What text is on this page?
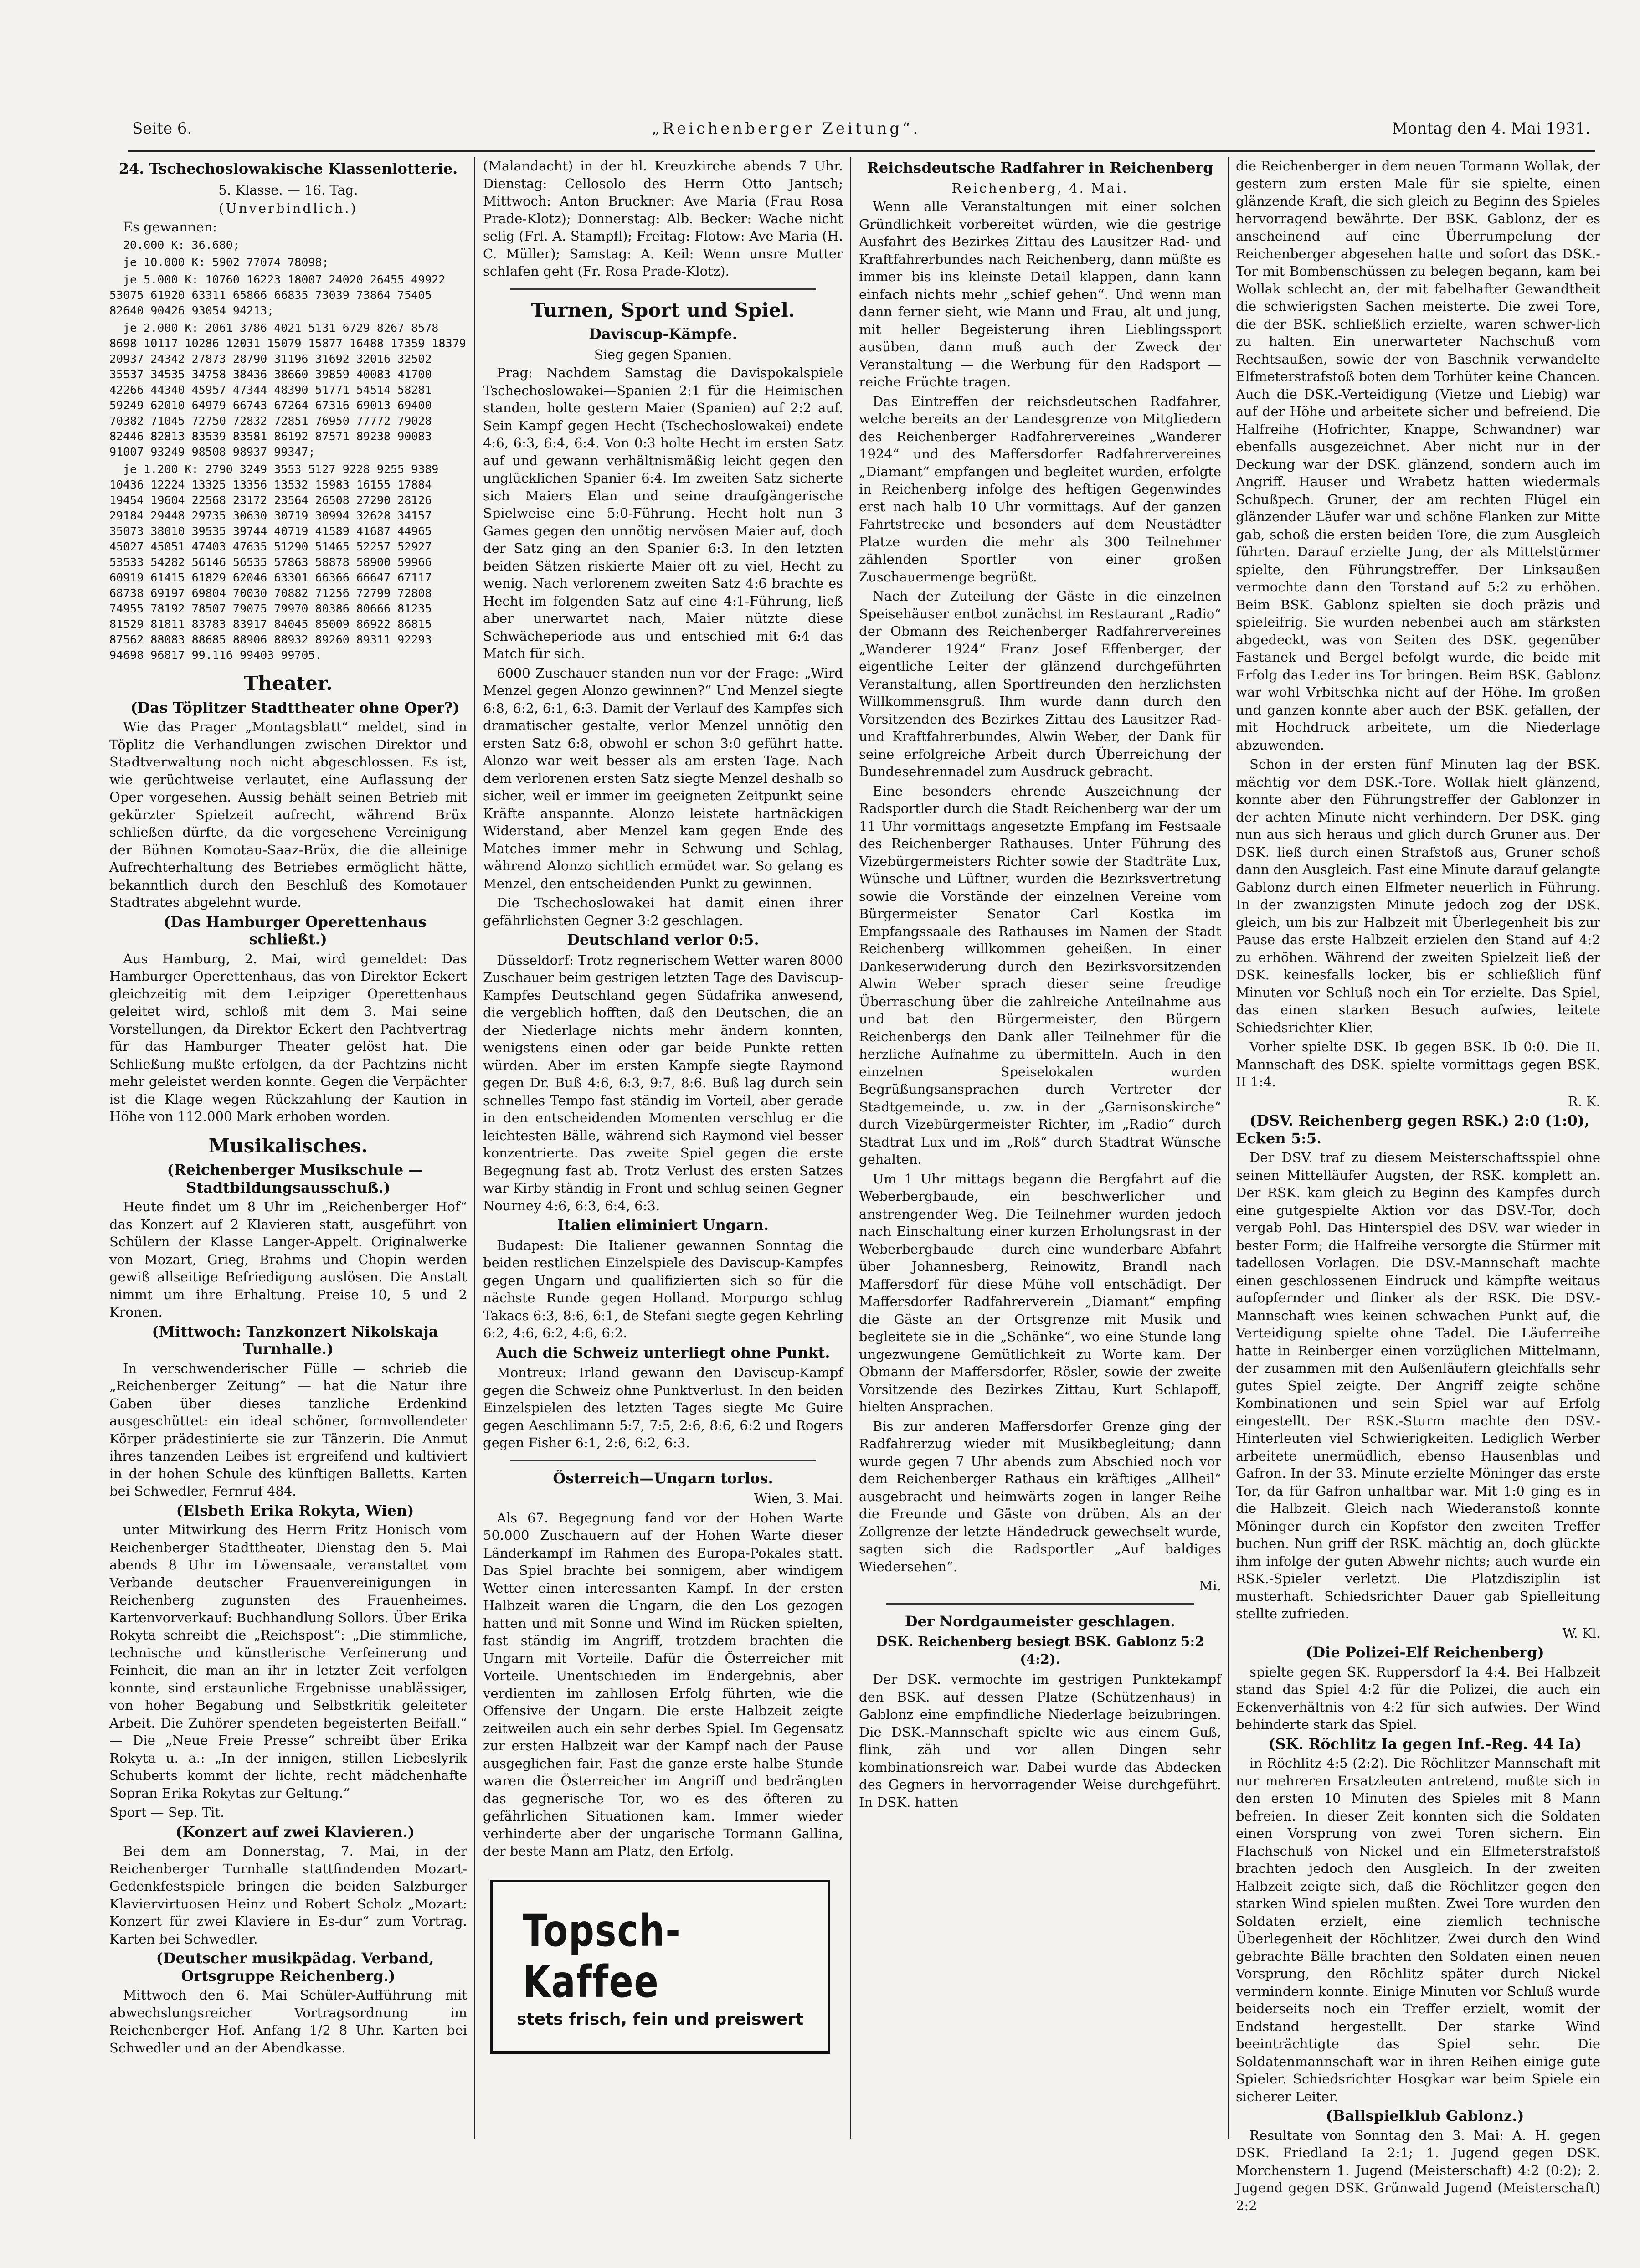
Seite 6.	„Reichenberger Zeitung“.	Montag den 4. Mai 1931.
24. Tschechoslowakische Klassenlotterie.
5. Klasse. — 16. Tag.
(Unverbindlich.)

Es gewannen:

20.000 K: 36.680;

je 10.000 K: 5902 77074 78098;

je 5.000 K: 10760 16223 18007 24020 26455 49922 53075 61920 63311 65866 66835 73039 73864 75405 82640 90426 93054 94213;

je 2.000 K: 2061 3786 4021 5131 6729 8267 8578 8698 10117 10286 12031 15079 15877 16488 17359 18379 20937 24342 27873 28790 31196 31692 32016 32502 35537 34535 34758 38436 38660 39859 40083 41700 42266 44340 45957 47344 48390 51771 54514 58281 59249 62010 64979 66743 67264 67316 69013 69400 70382 71045 72750 72832 72851 76950 77772 79028 82446 82813 83539 83581 86192 87571 89238 90083 91007 93249 98508 98937 99347;

je 1.200 K: 2790 3249 3553 5127 9228 9255 9389 10436 12224 13325 13356 13532 15983 16155 17884 19454 19604 22568 23172 23564 26508 27290 28126 29184 29448 29735 30630 30719 30994 32628 34157 35073 38010 39535 39744 40719 41589 41687 44965 45027 45051 47403 47635 51290 51465 52257 52927 53533 54282 56146 56535 57863 58878 58900 59966 60919 61415 61829 62046 63301 66366 66647 67117 68738 69197 69804 70030 70882 71256 72799 72808 74955 78192 78507 79075 79970 80386 80666 81235 81529 81811 83783 83917 84045 85009 86922 86815 87562 88083 88685 88906 88932 89260 89311 92293 94698 96817 99.116 99403 99705.

Theater.

(Das Töplitzer Stadttheater ohne Oper?)

Wie das Prager „Montagsblatt“ meldet, sind in Töplitz die Verhandlungen zwischen Direktor und Stadtverwaltung noch nicht abgeschlossen. Es ist, wie gerüchtweise verlautet, eine Auflassung der Oper vorgesehen. Aussig behält seinen Betrieb mit gekürzter Spielzeit aufrecht, während Brüx schließen dürfte, da die vorgesehene Vereinigung der Bühnen Komotau-Saaz-Brüx, die die alleinige Aufrechterhaltung des Betriebes ermöglicht hätte, bekanntlich durch den Beschluß des Komotauer Stadtrates abgelehnt wurde.

(Das Hamburger Operettenhaus schließt.)

Aus Hamburg, 2. Mai, wird gemeldet: Das Hamburger Operettenhaus, das von Direktor Eckert gleichzeitig mit dem Leipziger Operettenhaus geleitet wird, schloß mit dem 3. Mai seine Vorstellungen, da Direktor Eckert den Pachtvertrag für das Hamburger Theater gelöst hat. Die Schließung mußte erfolgen, da der Pachtzins nicht mehr geleistet werden konnte. Gegen die Verpächter ist die Klage wegen Rückzahlung der Kaution in Höhe von 112.000 Mark erhoben worden.

Musikalisches.

(Reichenberger Musikschule — Stadtbildungsausschuß.)

Heute findet um 8 Uhr im „Reichenberger Hof“ das Konzert auf 2 Klavieren statt, ausgeführt von Schülern der Klasse Langer-Appelt. Originalwerke von Mozart, Grieg, Brahms und Chopin werden gewiß allseitige Befriedigung auslösen. Die Anstalt nimmt um ihre Erhaltung. Preise 10, 5 und 2 Kronen.

(Mittwoch: Tanzkonzert Nikolskaja Turnhalle.)

In verschwenderischer Fülle — schrieb die „Reichenberger Zeitung“ — hat die Natur ihre Gaben über dieses tanzliche Erdenkind ausgeschüttet: ein ideal schöner, formvollendeter Körper prädestinierte sie zur Tänzerin. Die Anmut ihres tanzenden Leibes ist ergreifend und kultiviert in der hohen Schule des künftigen Balletts. Karten bei Schwedler, Fernruf 484.

(Elsbeth Erika Rokyta, Wien)

unter Mitwirkung des Herrn Fritz Honisch vom Reichenberger Stadttheater, Dienstag den 5. Mai abends 8 Uhr im Löwensaale, veranstaltet vom Verbande deutscher Frauenvereinigungen in Reichenberg zugunsten des Frauenheimes. Kartenvorverkauf: Buchhandlung Sollors. Über Erika Rokyta schreibt die „Reichspost“: „Die stimmliche, technische und künstlerische Verfeinerung und Feinheit, die man an ihr in letzter Zeit verfolgen konnte, sind erstaunliche Ergebnisse unablässiger, von hoher Begabung und Selbstkritik geleiteter Arbeit. Die Zuhörer spendeten begeisterten Beifall.“ — Die „Neue Freie Presse“ schreibt über Erika Rokyta u. a.: „In der innigen, stillen Liebeslyrik Schuberts kommt der lichte, recht mädchenhafte Sopran Erika Rokytas zur Geltung.“

Sport — Sep. Tit.

(Konzert auf zwei Klavieren.)

Bei dem am Donnerstag, 7. Mai, in der Reichenberger Turnhalle stattfindenden Mozart-Gedenkfestspiele bringen die beiden Salzburger Klaviervirtuosen Heinz und Robert Scholz „Mozart: Konzert für zwei Klaviere in Es-dur“ zum Vortrag. Karten bei Schwedler.

(Deutscher musikpädag. Verband, Ortsgruppe Reichenberg.)

Mittwoch den 6. Mai Schüler-Aufführung mit abwechslungsreicher Vortragsordnung im Reichenberger Hof. Anfang 1/2 8 Uhr. Karten bei Schwedler und an der Abendkasse.

(Malandacht) in der hl. Kreuzkirche abends 7 Uhr. Dienstag: Cellosolo des Herrn Otto Jantsch; Mittwoch: Anton Bruckner: Ave Maria (Frau Rosa Prade-Klotz); Donnerstag: Alb. Becker: Wache nicht selig (Frl. A. Stampfl); Freitag: Flotow: Ave Maria (H. C. Müller); Samstag: A. Keil: Wenn unsre Mutter schlafen geht (Fr. Rosa Prade-Klotz).

Turnen, Sport und Spiel.
Daviscup-Kämpfe.
Sieg gegen Spanien.

Prag: Nachdem Samstag die Davispokalspiele Tschechoslowakei—Spanien 2:1 für die Heimischen standen, holte gestern Maier (Spanien) auf 2:2 auf. Sein Kampf gegen Hecht (Tschechoslowakei) endete 4:6, 6:3, 6:4, 6:4. Von 0:3 holte Hecht im ersten Satz auf und gewann verhältnismäßig leicht gegen den unglücklichen Spanier 6:4. Im zweiten Satz sicherte sich Maiers Elan und seine draufgängerische Spielweise eine 5:0-Führung. Hecht holt nun 3 Games gegen den unnötig nervösen Maier auf, doch der Satz ging an den Spanier 6:3. In den letzten beiden Sätzen riskierte Maier oft zu viel, Hecht zu wenig. Nach verlorenem zweiten Satz 4:6 brachte es Hecht im folgenden Satz auf eine 4:1-Führung, ließ aber unerwartet nach, Maier nützte diese Schwächeperiode aus und entschied mit 6:4 das Match für sich.

6000 Zuschauer standen nun vor der Frage: „Wird Menzel gegen Alonzo gewinnen?“ Und Menzel siegte 6:8, 6:2, 6:1, 6:3. Damit der Verlauf des Kampfes sich dramatischer gestalte, verlor Menzel unnötig den ersten Satz 6:8, obwohl er schon 3:0 geführt hatte. Alonzo war weit besser als am ersten Tage. Nach dem verlorenen ersten Satz siegte Menzel deshalb so sicher, weil er immer im geeigneten Zeitpunkt seine Kräfte anspannte. Alonzo leistete hartnäckigen Widerstand, aber Menzel kam gegen Ende des Matches immer mehr in Schwung und Schlag, während Alonzo sichtlich ermüdet war. So gelang es Menzel, den entscheidenden Punkt zu gewinnen.

Die Tschechoslowakei hat damit einen ihrer gefährlichsten Gegner 3:2 geschlagen.

Deutschland verlor 0:5.

Düsseldorf: Trotz regnerischem Wetter waren 8000 Zuschauer beim gestrigen letzten Tage des Daviscup-Kampfes Deutschland gegen Südafrika anwesend, die vergeblich hofften, daß den Deutschen, die an der Niederlage nichts mehr ändern konnten, wenigstens einen oder gar beide Punkte retten würden. Aber im ersten Kampfe siegte Raymond gegen Dr. Buß 4:6, 6:3, 9:7, 8:6. Buß lag durch sein schnelles Tempo fast ständig im Vorteil, aber gerade in den entscheidenden Momenten verschlug er die leichtesten Bälle, während sich Raymond viel besser konzentrierte. Das zweite Spiel gegen die erste Begegnung fast ab. Trotz Verlust des ersten Satzes war Kirby ständig in Front und schlug seinen Gegner Nourney 4:6, 6:3, 6:4, 6:3.

Italien eliminiert Ungarn.

Budapest: Die Italiener gewannen Sonntag die beiden restlichen Einzelspiele des Daviscup-Kampfes gegen Ungarn und qualifizierten sich so für die nächste Runde gegen Holland. Morpurgo schlug Takacs 6:3, 8:6, 6:1, de Stefani siegte gegen Kehrling 6:2, 4:6, 6:2, 4:6, 6:2.

Auch die Schweiz unterliegt ohne Punkt.

Montreux: Irland gewann den Daviscup-Kampf gegen die Schweiz ohne Punktverlust. In den beiden Einzelspielen des letzten Tages siegte Mc Guire gegen Aeschlimann 5:7, 7:5, 2:6, 8:6, 6:2 und Rogers gegen Fisher 6:1, 2:6, 6:2, 6:3.

Österreich—Ungarn torlos.

Wien, 3. Mai.

Als 67. Begegnung fand vor der Hohen Warte 50.000 Zuschauern auf der Hohen Warte dieser Länderkampf im Rahmen des Europa-Pokales statt. Das Spiel brachte bei sonnigem, aber windigem Wetter einen interessanten Kampf. In der ersten Halbzeit waren die Ungarn, die den Los gezogen hatten und mit Sonne und Wind im Rücken spielten, fast ständig im Angriff, trotzdem brachten die Ungarn mit Vorteile. Dafür die Österreicher mit Vorteile. Unentschieden im Endergebnis, aber verdienten im zahllosen Erfolg führten, wie die Offensive der Ungarn. Die erste Halbzeit zeigte zeitweilen auch ein sehr derbes Spiel. Im Gegensatz zur ersten Halbzeit war der Kampf nach der Pause ausgeglichen fair. Fast die ganze erste halbe Stunde waren die Österreicher im Angriff und bedrängten das gegnerische Tor, wo es des öfteren zu gefährlichen Situationen kam. Immer wieder verhinderte aber der ungarische Tormann Gallina, der beste Mann am Platz, den Erfolg.

Topsch-Kaffee
stets frisch, fein und preiswert
Reichsdeutsche Radfahrer in Reichenberg
Reichenberg, 4. Mai.

Wenn alle Veranstaltungen mit einer solchen Gründlichkeit vorbereitet würden, wie die gestrige Ausfahrt des Bezirkes Zittau des Lausitzer Rad- und Kraftfahrerbundes nach Reichenberg, dann müßte es immer bis ins kleinste Detail klappen, dann kann einfach nichts mehr „schief gehen“. Und wenn man dann ferner sieht, wie Mann und Frau, alt und jung, mit heller Begeisterung ihren Lieblingssport ausüben, dann muß auch der Zweck der Veranstaltung — die Werbung für den Radsport — reiche Früchte tragen.

Das Eintreffen der reichsdeutschen Radfahrer, welche bereits an der Landesgrenze von Mitgliedern des Reichenberger Radfahrervereines „Wanderer 1924“ und des Maffersdorfer Radfahrervereines „Diamant“ empfangen und begleitet wurden, erfolgte in Reichenberg infolge des heftigen Gegenwindes erst nach halb 10 Uhr vormittags. Auf der ganzen Fahrtstrecke und besonders auf dem Neustädter Platze wurden die mehr als 300 Teilnehmer zählenden Sportler von einer großen Zuschauermenge begrüßt.

Nach der Zuteilung der Gäste in die einzelnen Speisehäuser entbot zunächst im Restaurant „Radio“ der Obmann des Reichenberger Radfahrervereines „Wanderer 1924“ Franz Josef Effenberger, der eigentliche Leiter der glänzend durchgeführten Veranstaltung, allen Sportfreunden den herzlichsten Willkommensgruß. Ihm wurde dann durch den Vorsitzenden des Bezirkes Zittau des Lausitzer Rad- und Kraftfahrerbundes, Alwin Weber, der Dank für seine erfolgreiche Arbeit durch Überreichung der Bundesehrennadel zum Ausdruck gebracht.

Eine besonders ehrende Auszeichnung der Radsportler durch die Stadt Reichenberg war der um 11 Uhr vormittags angesetzte Empfang im Festsaale des Reichenberger Rathauses. Unter Führung des Vizebürgermeisters Richter sowie der Stadträte Lux, Wünsche und Lüftner, wurden die Bezirksvertretung sowie die Vorstände der einzelnen Vereine vom Bürgermeister Senator Carl Kostka im Empfangssaale des Rathauses im Namen der Stadt Reichenberg willkommen geheißen. In einer Dankeserwiderung durch den Bezirksvorsitzenden Alwin Weber sprach dieser seine freudige Überraschung über die zahlreiche Anteilnahme aus und bat den Bürgermeister, den Bürgern Reichenbergs den Dank aller Teilnehmer für die herzliche Aufnahme zu übermitteln. Auch in den einzelnen Speiselokalen wurden Begrüßungsansprachen durch Vertreter der Stadtgemeinde, u. zw. in der „Garnisonskirche“ durch Vizebürgermeister Richter, im „Radio“ durch Stadtrat Lux und im „Roß“ durch Stadtrat Wünsche gehalten.

Um 1 Uhr mittags begann die Bergfahrt auf die Weberbergbaude, ein beschwerlicher und anstrengender Weg. Die Teilnehmer wurden jedoch nach Einschaltung einer kurzen Erholungsrast in der Weberbergbaude — durch eine wunderbare Abfahrt über Johannesberg, Reinowitz, Brandl nach Maffersdorf für diese Mühe voll entschädigt. Der Maffersdorfer Radfahrerverein „Diamant“ empfing die Gäste an der Ortsgrenze mit Musik und begleitete sie in die „Schänke“, wo eine Stunde lang ungezwungene Gemütlichkeit zu Worte kam. Der Obmann der Maffersdorfer, Rösler, sowie der zweite Vorsitzende des Bezirkes Zittau, Kurt Schlapoff, hielten Ansprachen.

Bis zur anderen Maffersdorfer Grenze ging der Radfahrerzug wieder mit Musikbegleitung; dann wurde gegen 7 Uhr abends zum Abschied noch vor dem Reichenberger Rathaus ein kräftiges „Allheil“ ausgebracht und heimwärts zogen in langer Reihe die Freunde und Gäste von drüben. Als an der Zollgrenze der letzte Händedruck gewechselt wurde, sagten sich die Radsportler „Auf baldiges Wiedersehen“.

Mi.

Der Nordgaumeister geschlagen.
DSK. Reichenberg besiegt BSK. Gablonz 5:2 (4:2).

Der DSK. vermochte im gestrigen Punktekampf den BSK. auf dessen Platze (Schützenhaus) in Gablonz eine empfindliche Niederlage beizubringen. Die DSK.-Mannschaft spielte wie aus einem Guß, flink, zäh und vor allen Dingen sehr kombinationsreich war. Dabei wurde das Abdecken des Gegners in hervorragender Weise durchgeführt. In DSK. hatten

die Reichenberger in dem neuen Tormann Wollak, der gestern zum ersten Male für sie spielte, einen glänzende Kraft, die sich gleich zu Beginn des Spieles hervorragend bewährte. Der BSK. Gablonz, der es anscheinend auf eine Überrumpelung der Reichenberger abgesehen hatte und sofort das DSK.-Tor mit Bombenschüssen zu belegen begann, kam bei Wollak schlecht an, der mit fabelhafter Gewandtheit die schwierigsten Sachen meisterte. Die zwei Tore, die der BSK. schließlich erzielte, waren schwer-lich zu halten. Ein unerwarteter Nachschuß vom Rechtsaußen, sowie der von Baschnik verwandelte Elfmeterstrafstoß boten dem Torhüter keine Chancen. Auch die DSK.-Verteidigung (Vietze und Liebig) war auf der Höhe und arbeitete sicher und befreiend. Die Halfreihe (Hofrichter, Knappe, Schwandner) war ebenfalls ausgezeichnet. Aber nicht nur in der Deckung war der DSK. glänzend, sondern auch im Angriff. Hauser und Wrabetz hatten wiedermals Schußpech. Gruner, der am rechten Flügel ein glänzender Läufer war und schöne Flanken zur Mitte gab, schoß die ersten beiden Tore, die zum Ausgleich führten. Darauf erzielte Jung, der als Mittelstürmer spielte, den Führungstreffer. Der Linksaußen vermochte dann den Torstand auf 5:2 zu erhöhen. Beim BSK. Gablonz spielten sie doch präzis und spieleifrig. Sie wurden nebenbei auch am stärksten abgedeckt, was von Seiten des DSK. gegenüber Fastanek und Bergel befolgt wurde, die beide mit Erfolg das Leder ins Tor bringen. Beim BSK. Gablonz war wohl Vrbitschka nicht auf der Höhe. Im großen und ganzen konnte aber auch der BSK. gefallen, der mit Hochdruck arbeitete, um die Niederlage abzuwenden.

Schon in der ersten fünf Minuten lag der BSK. mächtig vor dem DSK.-Tore. Wollak hielt glänzend, konnte aber den Führungstreffer der Gablonzer in der achten Minute nicht verhindern. Der DSK. ging nun aus sich heraus und glich durch Gruner aus. Der DSK. ließ durch einen Strafstoß aus, Gruner schoß dann den Ausgleich. Fast eine Minute darauf gelangte Gablonz durch einen Elfmeter neuerlich in Führung. In der zwanzigsten Minute jedoch zog der DSK. gleich, um bis zur Halbzeit mit Überlegenheit bis zur Pause das erste Halbzeit erzielen den Stand auf 4:2 zu erhöhen. Während der zweiten Spielzeit ließ der DSK. keinesfalls locker, bis er schließlich fünf Minuten vor Schluß noch ein Tor erzielte. Das Spiel, das einen starken Besuch aufwies, leitete Schiedsrichter Klier.

Vorher spielte DSK. Ib gegen BSK. Ib 0:0. Die II. Mannschaft des DSK. spielte vormittags gegen BSK. II 1:4.

R. K.

(DSV. Reichenberg gegen RSK.) 2:0 (1:0), Ecken 5:5.

Der DSV. traf zu diesem Meisterschaftsspiel ohne seinen Mittelläufer Augsten, der RSK. komplett an. Der RSK. kam gleich zu Beginn des Kampfes durch eine gutgespielte Aktion vor das DSV.-Tor, doch vergab Pohl. Das Hinterspiel des DSV. war wieder in bester Form; die Halfreihe versorgte die Stürmer mit tadellosen Vorlagen. Die DSV.-Mannschaft machte einen geschlossenen Eindruck und kämpfte weitaus aufopfernder und flinker als der RSK. Die DSV.-Mannschaft wies keinen schwachen Punkt auf, die Verteidigung spielte ohne Tadel. Die Läuferreihe hatte in Reinberger einen vorzüglichen Mittelmann, der zusammen mit den Außenläufern gleichfalls sehr gutes Spiel zeigte. Der Angriff zeigte schöne Kombinationen und sein Spiel war auf Erfolg eingestellt. Der RSK.-Sturm machte den DSV.-Hinterleuten viel Schwierigkeiten. Lediglich Werber arbeitete unermüdlich, ebenso Hausenblas und Gafron. In der 33. Minute erzielte Möninger das erste Tor, da für Gafron unhaltbar war. Mit 1:0 ging es in die Halbzeit. Gleich nach Wiederanstoß konnte Möninger durch ein Kopfstor den zweiten Treffer buchen. Nun griff der RSK. mächtig an, doch glückte ihm infolge der guten Abwehr nichts; auch wurde ein RSK.-Spieler verletzt. Die Platzdisziplin ist musterhaft. Schiedsrichter Dauer gab Spielleitung stellte zufrieden.

W. Kl.

(Die Polizei-Elf Reichenberg)

spielte gegen SK. Ruppersdorf Ia 4:4. Bei Halbzeit stand das Spiel 4:2 für die Polizei, die auch ein Eckenverhältnis von 4:2 für sich aufwies. Der Wind behinderte stark das Spiel.

(SK. Röchlitz Ia gegen Inf.-Reg. 44 Ia)

in Röchlitz 4:5 (2:2). Die Röchlitzer Mannschaft mit nur mehreren Ersatzleuten antretend, mußte sich in den ersten 10 Minuten des Spieles mit 8 Mann befreien. In dieser Zeit konnten sich die Soldaten einen Vorsprung von zwei Toren sichern. Ein Flachschuß von Nickel und ein Elfmeterstrafstoß brachten jedoch den Ausgleich. In der zweiten Halbzeit zeigte sich, daß die Röchlitzer gegen den starken Wind spielen mußten. Zwei Tore wurden den Soldaten erzielt, eine ziemlich technische Überlegenheit der Röchlitzer. Zwei durch den Wind gebrachte Bälle brachten den Soldaten einen neuen Vorsprung, den Röchlitz später durch Nickel vermindern konnte. Einige Minuten vor Schluß wurde beiderseits noch ein Treffer erzielt, womit der Endstand hergestellt. Der starke Wind beeinträchtigte das Spiel sehr. Die Soldatenmannschaft war in ihren Reihen einige gute Spieler. Schiedsrichter Hosgkar war beim Spiele ein sicherer Leiter.

(Ballspielklub Gablonz.)

Resultate von Sonntag den 3. Mai: A. H. gegen DSK. Friedland Ia 2:1; 1. Jugend gegen DSK. Morchenstern 1. Jugend (Meisterschaft) 4:2 (0:2); 2. Jugend gegen DSK. Grünwald Jugend (Meisterschaft) 2:2
